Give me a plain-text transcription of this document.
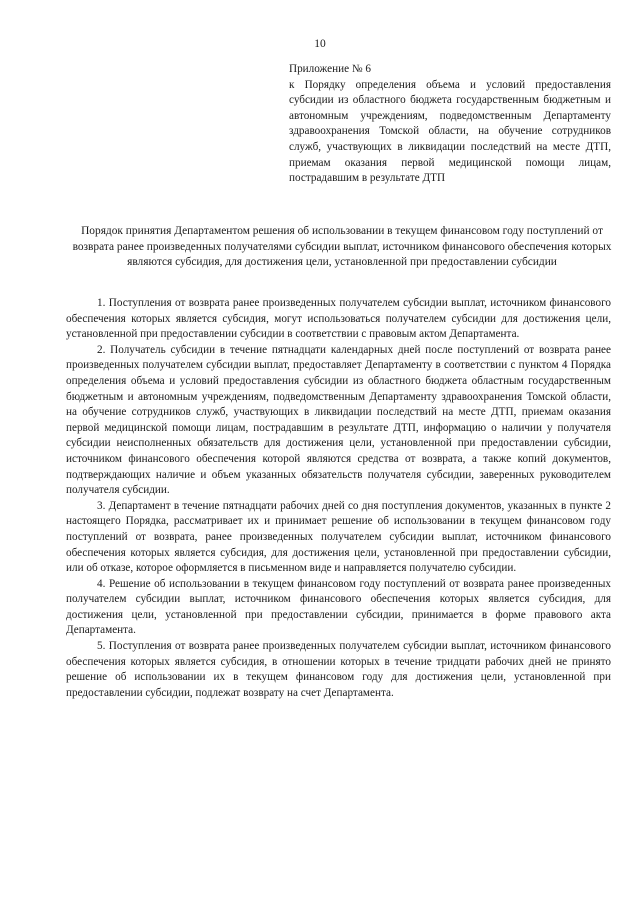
10

Приложение № 6

к Порядку определения объема и условий предоставления субсидии из областного бюджета государственным бюджетным и автономным учреждениям, подведомственным Департаменту здравоохранения Томской области, на обучение сотрудников служб, участвующих в ликвидации последствий на месте ДТП, приемам оказания первой медицинской помощи лицам, пострадавшим в результате ДТП

Порядок принятия Департаментом решения об использовании в текущем финансовом году поступлений от возврата ранее произведенных получателями субсидии выплат, источником финансового обеспечения которых являются субсидия, для достижения цели, установленной при предоставлении субсидии

1. Поступления от возврата ранее произведенных получателем субсидии выплат, источником финансового обеспечения которых является субсидия, могут использоваться получателем субсидии для достижения цели, установленной при предоставлении субсидии в соответствии с правовым актом Департамента.

2. Получатель субсидии в течение пятнадцати календарных дней после поступлений от возврата ранее произведенных получателем субсидии выплат, предоставляет Департаменту в соответствии с пунктом 4 Порядка определения объема и условий предоставления субсидии из областного бюджета областным государственным бюджетным и автономным учреждениям, подведомственным Департаменту здравоохранения Томской области, на обучение сотрудников служб, участвующих в ликвидации последствий на месте ДТП, приемам оказания первой медицинской помощи лицам, пострадавшим в результате ДТП, информацию о наличии у получателя субсидии неисполненных обязательств для достижения цели, установленной при предоставлении субсидии, источником финансового обеспечения которой являются средства от возврата, а также копий документов, подтверждающих наличие и объем указанных обязательств получателя субсидии, заверенных руководителем получателя субсидии.

3. Департамент в течение пятнадцати рабочих дней со дня поступления документов, указанных в пункте 2 настоящего Порядка, рассматривает их и принимает решение об использовании в текущем финансовом году поступлений от возврата, ранее произведенных получателем субсидии выплат, источником финансового обеспечения которых является субсидия, для достижения цели, установленной при предоставлении субсидии, или об отказе, которое оформляется в письменном виде и направляется получателю субсидии.

4. Решение об использовании в текущем финансовом году поступлений от возврата ранее произведенных получателем субсидии выплат, источником финансового обеспечения которых является субсидия, для достижения цели, установленной при предоставлении субсидии, принимается в форме правового акта Департамента.

5. Поступления от возврата ранее произведенных получателем субсидии выплат, источником финансового обеспечения которых является субсидия, в отношении которых в течение тридцати рабочих дней не принято решение об использовании их в текущем финансовом году для достижения цели, установленной при предоставлении субсидии, подлежат возврату на счет Департамента.
